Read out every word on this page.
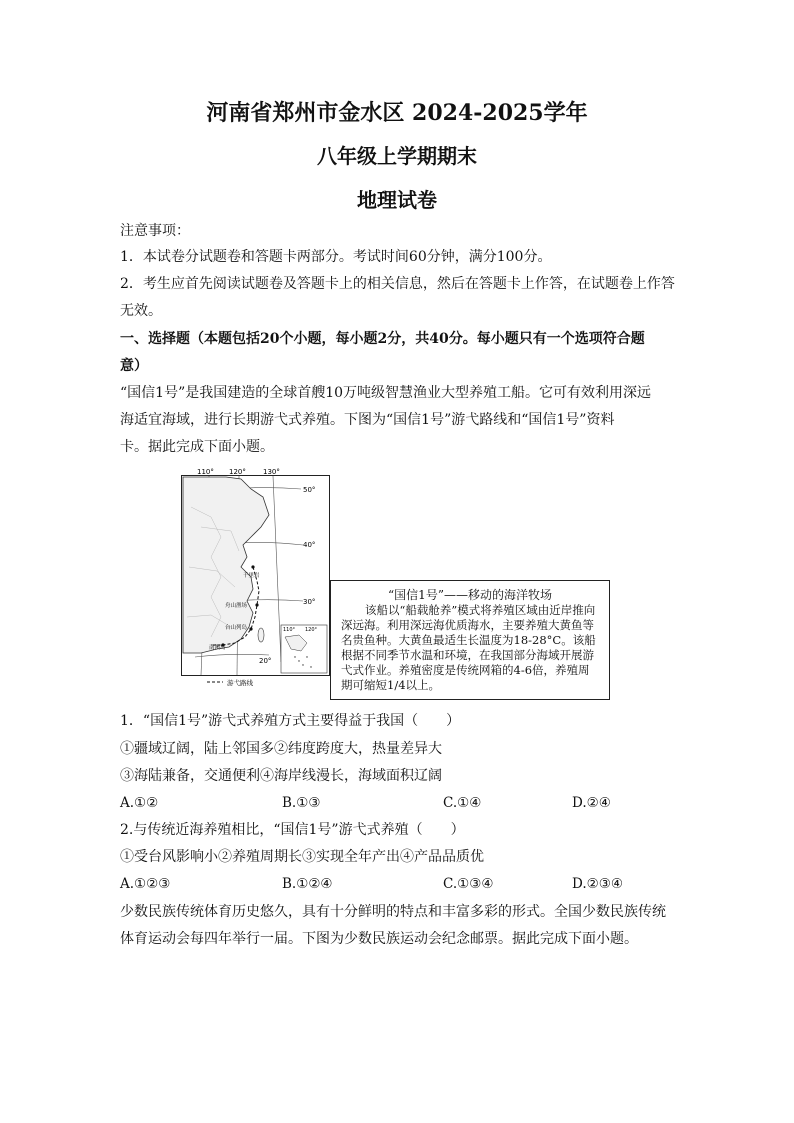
河南省郑州市金水区 2024-2025学年
八年级上学期期末
地理试卷
注意事项：
1．本试卷分试题卷和答题卡两部分。考试时间60分钟，满分100分。
2．考生应首先阅读试题卷及答题卡上的相关信息，然后在答题卡上作答，在试题卷上作答
无效。
一、选择题（本题包括20个小题，每小题2分，共40分。每小题只有一个选项符合题
意）
“国信1号”是我国建造的全球首艘10万吨级智慧渔业大型养殖工船。它可有效利用深远
海适宜海域，进行长期游弋式养殖。下图为“国信1号”游弋路线和“国信1号”资料
卡。据此完成下面小题。
110° 120° 130°
50°
40°
30°
20°
千里岩
舟山渔场
台山列岛
南澳岛
110° 120°
游弋路线
“国信1号”——移动的海洋牧场
该船以“船载舱养”模式将养殖区域由近岸推向深远海。利用深远海优质海水，主要养殖大黄鱼等名贵鱼种。大黄鱼最适生长温度为18-28°C。该船根据不同季节水温和环境，在我国部分海域开展游弋式作业。养殖密度是传统网箱的4-6倍，养殖周期可缩短1/4以上。
1．“国信1号”游弋式养殖方式主要得益于我国（　　）
①疆域辽阔，陆上邻国多②纬度跨度大，热量差异大
③海陆兼备，交通便利④海岸线漫长，海域面积辽阔
A.①②	B.①③	C.①④	D.②④
2.与传统近海养殖相比，“国信1号”游弋式养殖（　　）
①受台风影响小②养殖周期长③实现全年产出④产品品质优
A.①②③	B.①②④	C.①③④	D.②③④
少数民族传统体育历史悠久，具有十分鲜明的特点和丰富多彩的形式。全国少数民族传统
体育运动会每四年举行一届。下图为少数民族运动会纪念邮票。据此完成下面小题。
